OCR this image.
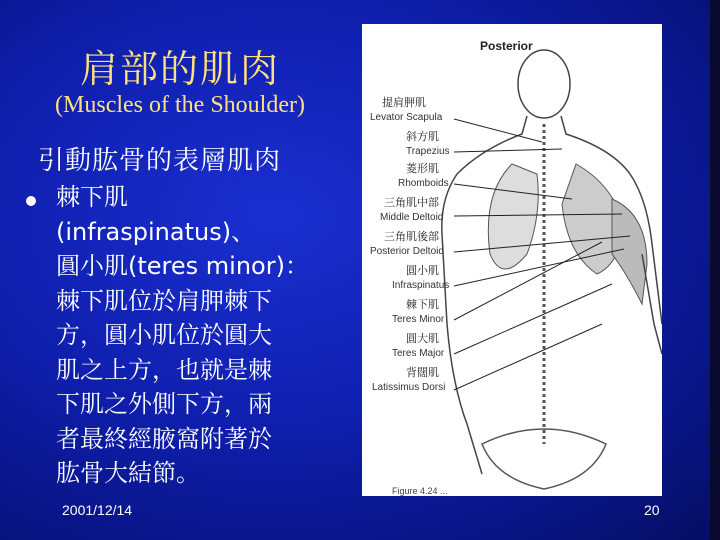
肩部的肌肉
(Muscles of the Shoulder)
引動肱骨的表層肌肉
棘下肌(infraspinatus)、
圓小肌(teres minor)：
棘下肌位於肩胛棘下
方，圓小肌位於圓大
肌之上方，也就是棘
下肌之外側下方，兩
者最終經腋窩附著於
肱骨大結節。
Posterior
提肩胛肌
Levator Scapula
斜方肌
Trapezius
菱形肌
Rhomboids
三角肌中部
Middle Deltoid
三角肌後部
Posterior Deltoid
圓小肌
Infraspinatus
棘下肌
Teres Minor
圓大肌
Teres Major
背闊肌
Latissimus Dorsi
Figure 4.24 ...
2001/12/14	20
